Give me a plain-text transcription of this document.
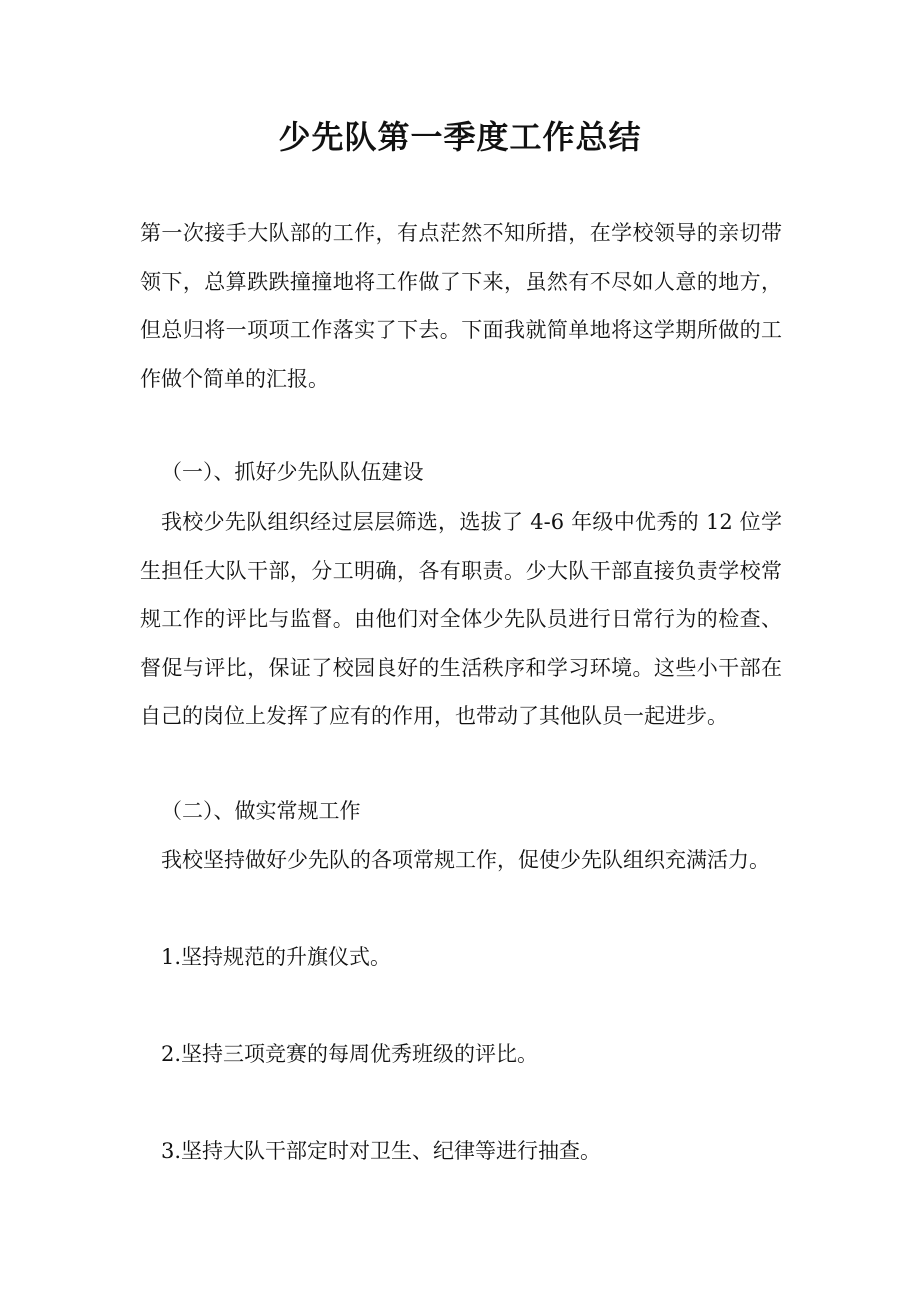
少先队第一季度工作总结
第一次接手大队部的工作，有点茫然不知所措，在学校领导的亲切带领下，总算跌跌撞撞地将工作做了下来，虽然有不尽如人意的地方，但总归将一项项工作落实了下去。下面我就简单地将这学期所做的工作做个简单的汇报。
（一）、抓好少先队队伍建设
我校少先队组织经过层层筛选，选拔了 4-6 年级中优秀的 12 位学生担任大队干部，分工明确，各有职责。少大队干部直接负责学校常规工作的评比与监督。由他们对全体少先队员进行日常行为的检查、督促与评比，保证了校园良好的生活秩序和学习环境。这些小干部在自己的岗位上发挥了应有的作用，也带动了其他队员一起进步。
（二）、做实常规工作
我校坚持做好少先队的各项常规工作，促使少先队组织充满活力。
1.坚持规范的升旗仪式。
2.坚持三项竞赛的每周优秀班级的评比。
3.坚持大队干部定时对卫生、纪律等进行抽查。
